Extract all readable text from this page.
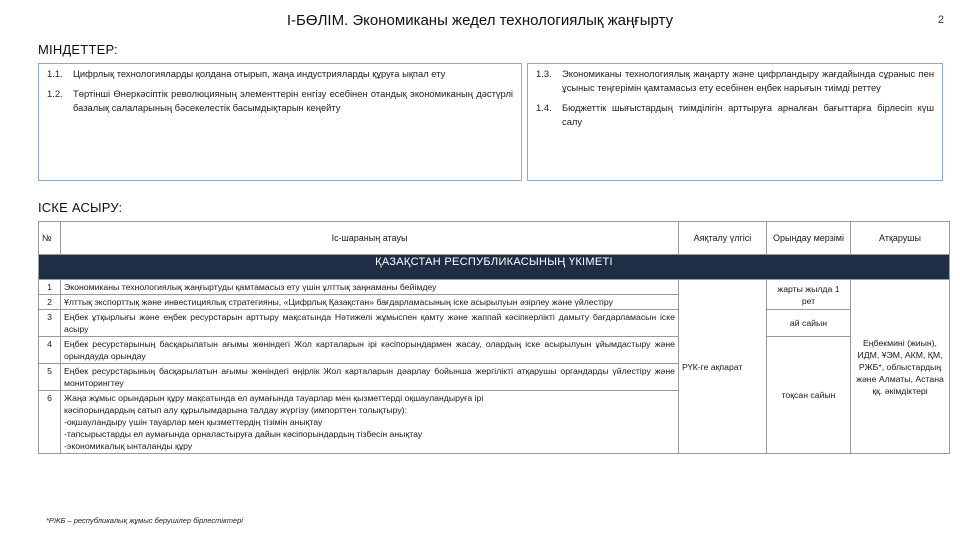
І-БӨЛІМ. Экономиканы жедел технологиялық жаңғырту	2
МІНДЕТТЕР:
1.1.	Цифрлық технологияларды қолдана отырып, жаңа индустрияларды құруға ықпал ету
1.2.	Төртінші Өнеркәсіптік революцияның элементтерін енгізу есебінен отандық экономиканың дәстүрлі базалық салаларының бәсекелестік басымдықтарын кеңейту
1.3.	Экономиканы технологиялық жаңарту және цифрландыру жағдайында сұраныс пен ұсыныс теңгерімін қамтамасыз ету есебінен еңбек нарығын тиімді реттеу
1.4.	Бюджеттік шығыстардың тиімділігін арттыруға арналған бағыттарға бірлесіп күш салу
ІСКЕ АСЫРУ:
№	Іс-шараның атауы	Аяқталу үлгісі	Орындау мерзімі	Атқарушы
ҚАЗАҚСТАН РЕСПУБЛИКАСЫНЫҢ ҮКІМЕТІ				
1	Экономиканы технологиялық жаңғыртуды қамтамасыз ету үшін ұлттық заңнаманы бейімдеу	РҮК-ге ақпарат	жарты жылда 1 рет	Еңбекмині (жиын), ИДМ, ҰЭМ, АКМ, ҚМ, РЖБ*, облыстардың және Алматы, Астана ққ. әкімдіктері
2	Ұлттық экспорттық және инвестициялық стратегияны, «Цифрлық Қазақстан» бағдарламасының іске асырылуын әзірлеу және үйлестіру			
3	Еңбек ұтқырлығы және еңбек ресурстарын арттыру мақсатында Нәтижелі жұмыспен қамту және жаппай кәсіпкерлікті дамыту бағдарламасын іске асыру		ай сайын	
4	Еңбек ресурстарының басқарылатын ағымы жөніндегі Жол карталарын ірі кәсіпорындармен жасау, олардың іске асырылуын ұйымдастыру және орындауда орындау		тоқсан сайын	
5	Еңбек ресурстарының басқарылатын ағымы жөніндегі өңірлік Жол карталарын дәарлау бойынша жергілікті атқарушы органдарды үйлестіру және мониторингтеу			
6	Жаңа жұмыс орындарын құру мақсатында ел аумағында тауарлар мен қызметтерді оқшауландыруға ірі
кәсіпорындардың сатып алу құрылымдарына талдау жүргізу (импорттен толықтыру):
-оқшауландыру үшін тауарлар мен қызметтердің тізімін анықтау
-тапсырыстарды ел аумағында орналастыруға дайын кәсіпорындардың тізбесін анықтау
-экономикалық ынталанды құру			
*РЖБ – республикалық жұмыс берушілер бірлестіктері
